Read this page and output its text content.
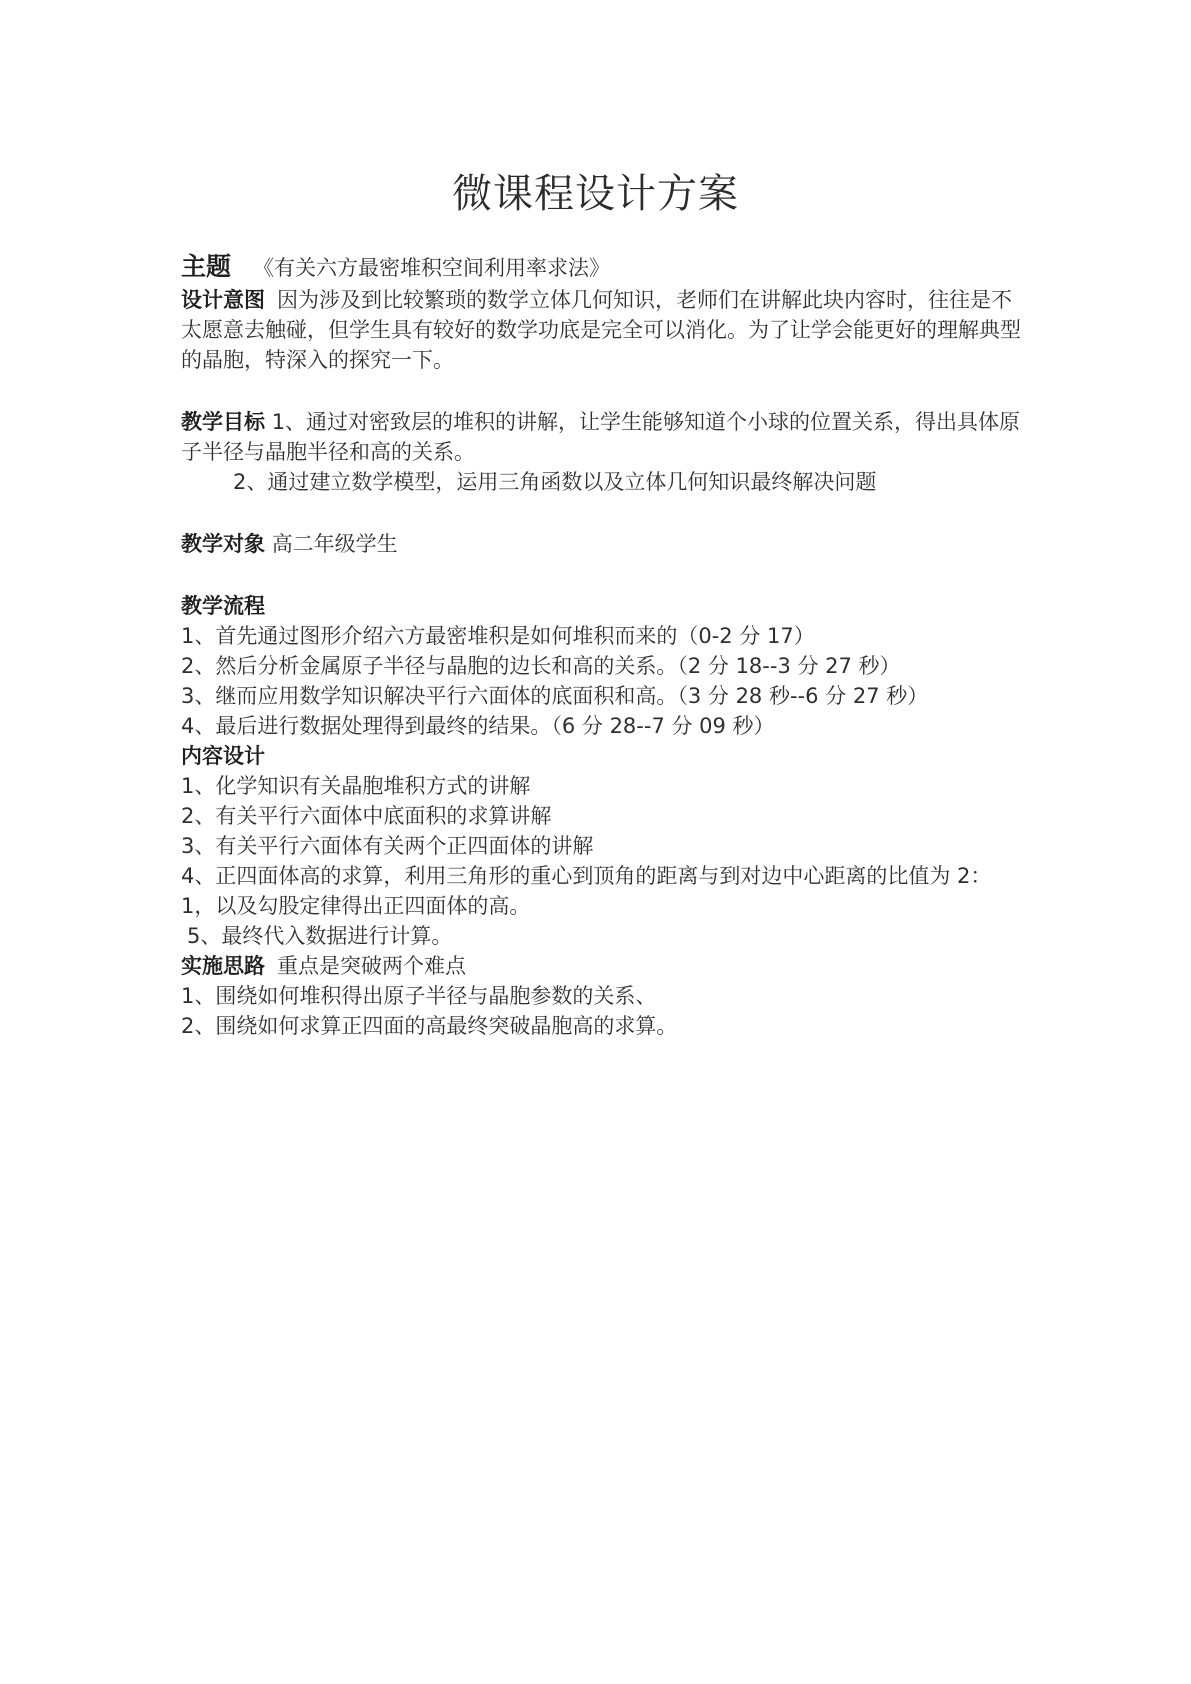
微课程设计方案

主题 《有关六方最密堆积空间利用率求法》

设计意图 因为涉及到比较繁琐的数学立体几何知识，老师们在讲解此块内容时，往往是不太愿意去触碰，但学生具有较好的数学功底是完全可以消化。为了让学会能更好的理解典型的晶胞，特深入的探究一下。

教学目标 1、通过对密致层的堆积的讲解，让学生能够知道个小球的位置关系，得出具体原子半径与晶胞半径和高的关系。

2、通过建立数学模型，运用三角函数以及立体几何知识最终解决问题

教学对象 高二年级学生

教学流程

1、首先通过图形介绍六方最密堆积是如何堆积而来的（0-2 分 17）

2、然后分析金属原子半径与晶胞的边长和高的关系。（2 分 18--3 分 27 秒）

3、继而应用数学知识解决平行六面体的底面积和高。（3 分 28 秒--6 分 27 秒）

4、最后进行数据处理得到最终的结果。（6 分 28--7 分 09 秒）

内容设计

1、化学知识有关晶胞堆积方式的讲解

2、有关平行六面体中底面积的求算讲解

3、有关平行六面体有关两个正四面体的讲解

4、正四面体高的求算，利用三角形的重心到顶角的距离与到对边中心距离的比值为 2：1，以及勾股定律得出正四面体的高。

5、最终代入数据进行计算。

实施思路 重点是突破两个难点

1、围绕如何堆积得出原子半径与晶胞参数的关系、

2、围绕如何求算正四面的高最终突破晶胞高的求算。
